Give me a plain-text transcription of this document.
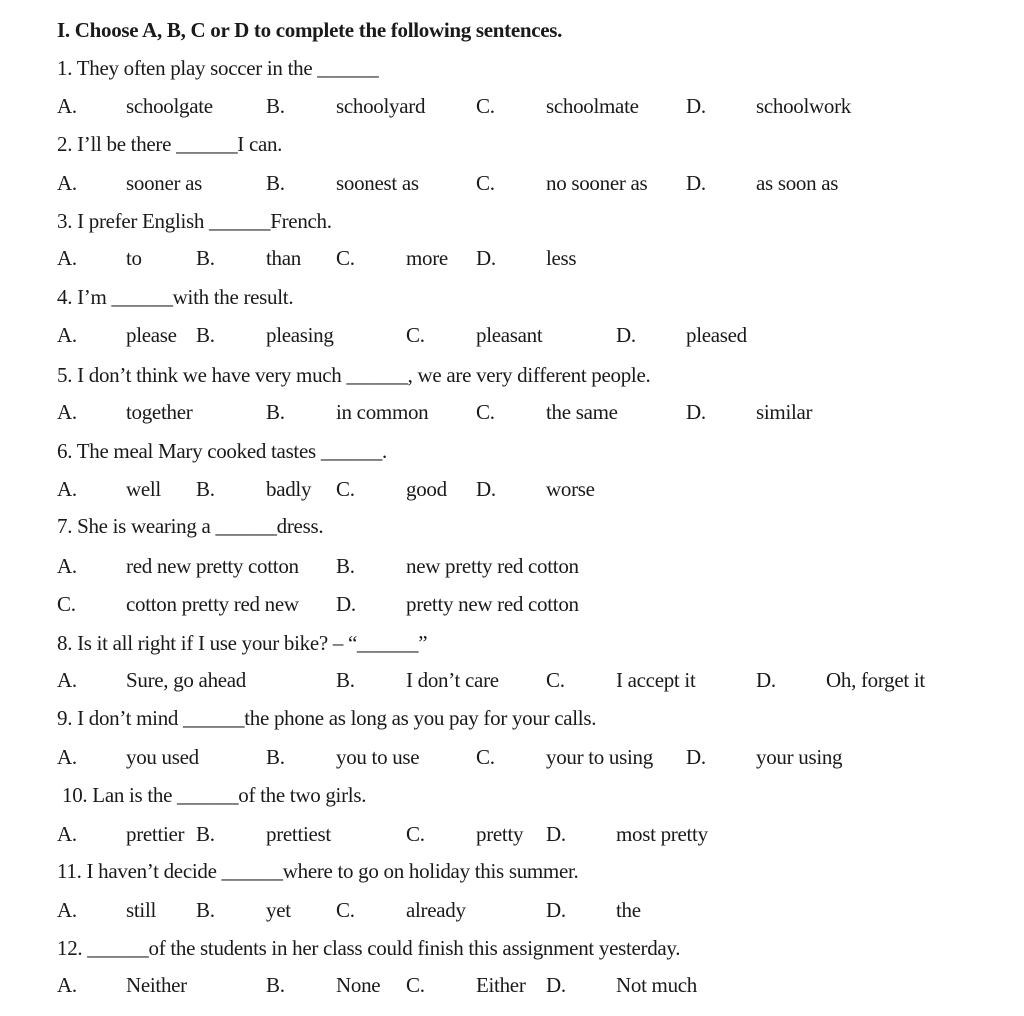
I. Choose A, B, C or D to complete the following sentences.
1. They often play soccer in the ______
A. schoolgate	B. schoolyard C. schoolmate D. schoolwork
2. I’ll be there ______I can.
A. sooner as	B. soonest as	C. no sooner as D. as soon as
3. I prefer English ______French.
A. to	B. than C. more D. less
4. I’m ______with the result.
A. please B. pleasing	C. pleasant	D. pleased
5. I don’t think we have very much ______, we are very different people.
A. together	B. in common C. the same	D. similar
6. The meal Mary cooked tastes ______.
A. well B. badly C. good D. worse
7. She is wearing a ______dress.
A. red new pretty cotton B. new pretty red cotton
C. cotton pretty red new D. pretty new red cotton
8. Is it all right if I use your bike? – “______”
A. Sure, go ahead	B. I don’t care C. I accept it	D. Oh, forget it
9. I don’t mind ______the phone as long as you pay for your calls.
A. you used	B. you to use	C. your to using D. your using
10. Lan is the ______of the two girls.
A. prettier B. prettiest	C. pretty D. most pretty
11. I haven’t decide ______where to go on holiday this summer.
A. still B. yet C. already	D. the
12. ______of the students in her class could finish this assignment yesterday.
A. Neither	B. None C. Either D. Not much
